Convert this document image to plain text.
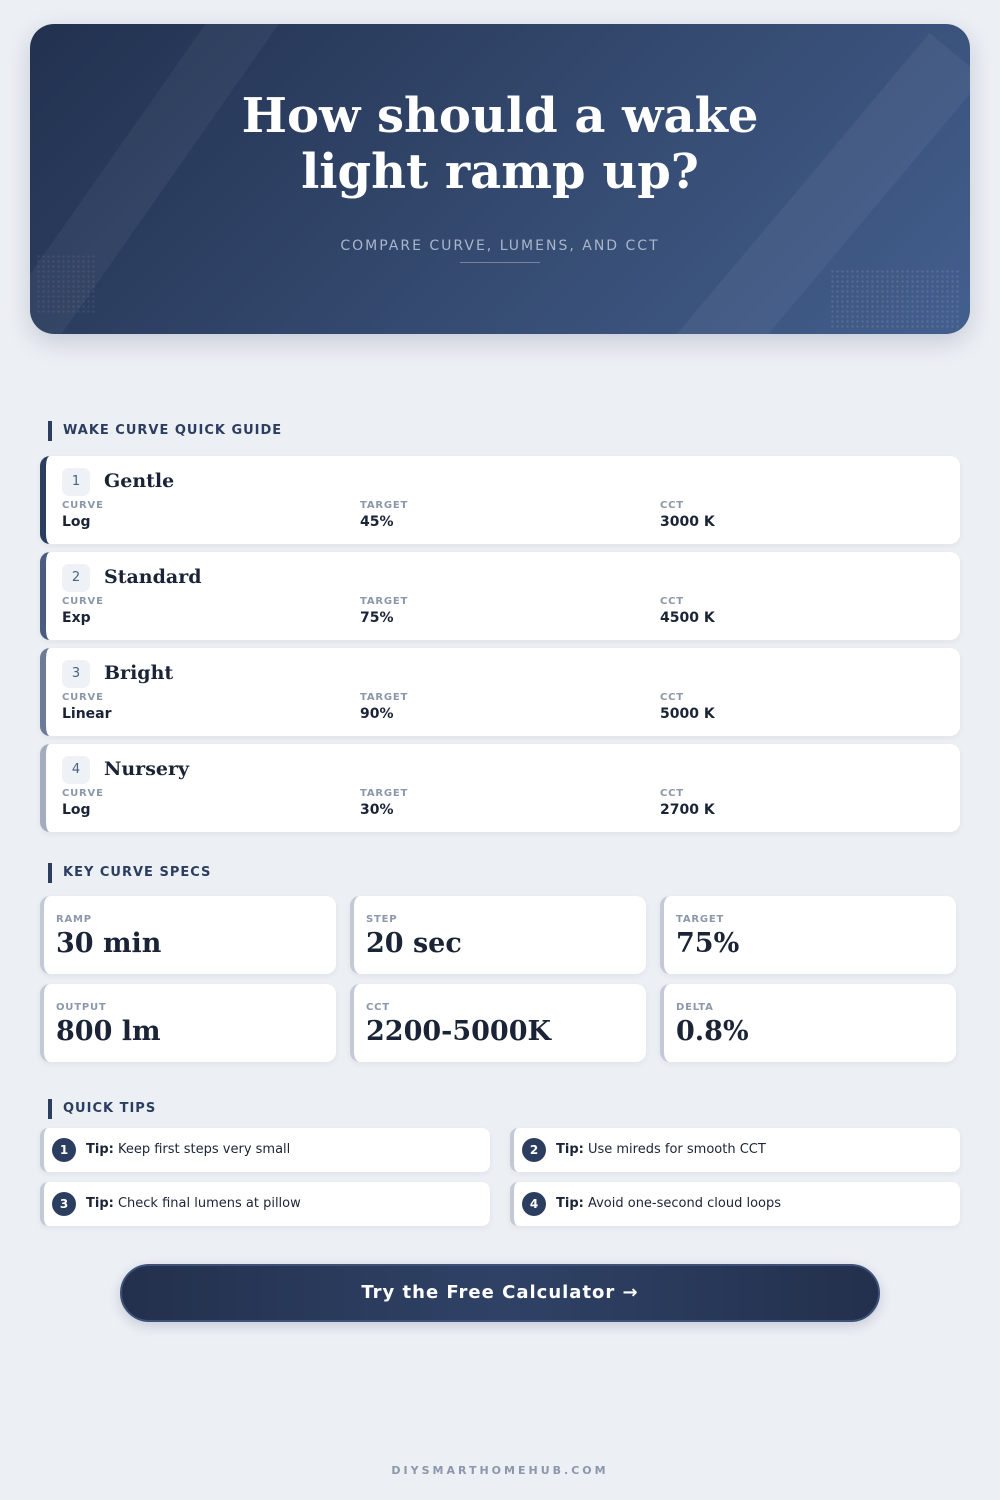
How should a wake light ramp up?
COMPARE CURVE, LUMENS, AND CCT
WAKE CURVE QUICK GUIDE
1	Gentle
CURVE
Log
TARGET
45%
CCT
3000 K
2	Standard
CURVE
Exp
TARGET
75%
CCT
4500 K
3	Bright
CURVE
Linear
TARGET
90%
CCT
5000 K
4	Nursery
CURVE
Log
TARGET
30%
CCT
2700 K
KEY CURVE SPECS
RAMP
30 min
STEP
20 sec
TARGET
75%
OUTPUT
800 lm
CCT
2200-5000K
DELTA
0.8%
QUICK TIPS
1	Tip: Keep first steps very small	2	Tip: Use mireds for smooth CCT
3	Tip: Check final lumens at pillow	4	Tip: Avoid one-second cloud loops
Try the Free Calculator →
DIYSMARTHOMEHUB.COM
